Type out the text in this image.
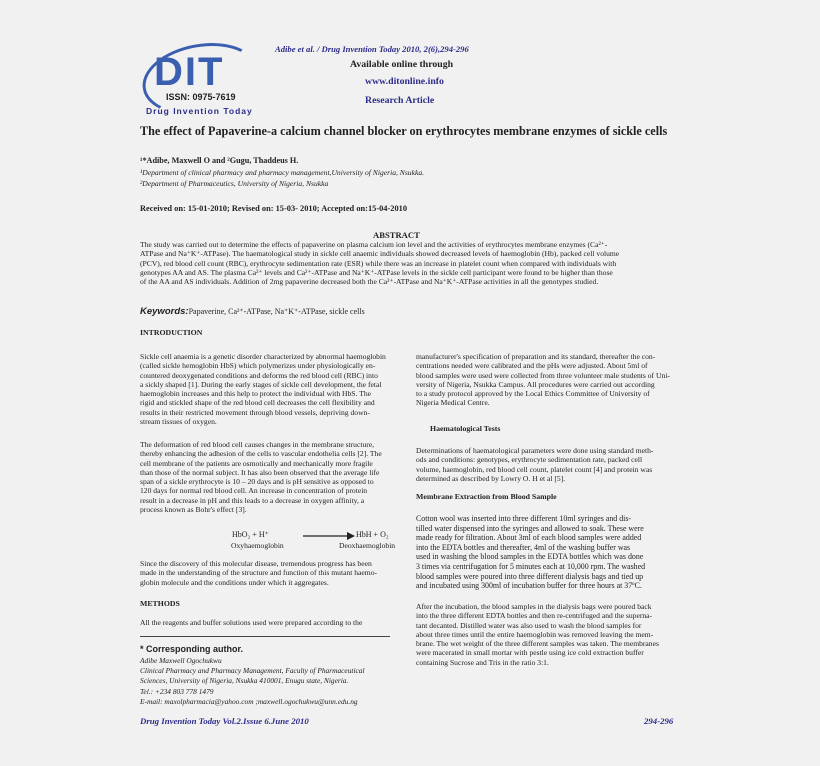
Adibe et al. / Drug Invention Today 2010, 2(6),294-296
Available online through
www.ditonline.info
Research Article
DIT
ISSN: 0975-7619
Drug Invention Today
The effect of Papaverine-a calcium channel blocker on erythrocytes membrane enzymes of sickle cells
¹*Adibe, Maxwell O and ²Gugu, Thaddeus H.
¹Department of clinical pharmacy and pharmacy management,University of Nigeria, Nsukka.
²Department of Pharmaceutics, University of Nigeria, Nsukka
Received on: 15-01-2010; Revised on: 15-03- 2010; Accepted on:15-04-2010
ABSTRACT
The study was carried out to determine the effects of papaverine on plasma calcium ion level and the activities of erythrocytes membrane enzymes (Ca²⁺-
ATPase and Na⁺K⁺-ATPase). The haematological study in sickle cell anaemic individuals showed decreased levels of haemoglobin (Hb), packed cell volume
(PCV), red blood cell count (RBC), erythrocyte sedimentation rate (ESR) while there was an increase in platelet count when compared with individuals with
genotypes AA and AS. The plasma Ca²⁺ levels and Ca²⁺-ATPase and Na⁺K⁺-ATPase levels in the sickle cell participant were found to be higher than those
of the AA and AS individuals. Addition of 2mg papaverine decreased both the Ca²⁺-ATPase and Na⁺K⁺-ATPase activities in all the genotypes studied.
Keywords:Papaverine, Ca²⁺-ATPase, Na⁺K⁺-ATPase, sickle cells
INTRODUCTION
Sickle cell anaemia is a genetic disorder characterized by abnormal haemoglobin
(called sickle hemoglobin HbS) which polymerizes under physiologically en-
countered deoxygenated conditions and deforms the red blood cell (RBC) into
a sickly shaped [1]. During the early stages of sickle cell development, the fetal
haemoglobin increases and this help to protect the individual with HbS. The
rigid and stickled shape of the red blood cell decreases the cell flexibility and
results in their restricted movement through blood vessels, depriving down-
stream tissues of oxygen.
The deformation of red blood cell causes changes in the membrane structure,
thereby enhancing the adhesion of the cells to vascular endothelia cells [2]. The
cell membrane of the patients are osmotically and mechanically more fragile
than those of the normal subject. It has also been observed that the average life
span of a sickle erythrocyte is 10 – 20 days and is pH sensitive as opposed to
120 days for normal red blood cell. An increase in concentration of protein
result in a decrease in pH and this leads to a decrease in oxygen affinity, a
process known as Bohr's effect [3].
HbO₂ + H⁺ → HbH + O₂
Oxyhaemoglobin	Deoxhaemoglobin
Since the discovery of this molecular disease, tremendous progress has been
made in the understanding of the structure and function of this mutant haemo-
globin molecule and the conditions under which it aggregates.
METHODS
All the reagents and buffer solutions used were prepared according to the
* Corresponding author.
Adibe Maxwell Ogochukwu
Clinical Pharmacy and Pharmacy Management, Faculty of Pharmaceutical
Sciences, University of Nigeria, Nsukka 410001, Enugu state, Nigeria.
Tel.: +234 803 778 1479
E-mail: maxolpharmacia@yahoo.com ;maxwell.ogochukwu@unn.edu.ng
manufacturer's specification of preparation and its standard, thereafter the con-
centrations needed were calibrated and the pHs were adjusted. About 5ml of
blood samples were used were collected from three volunteer male students of Uni-
versity of Nigeria, Nsukka Campus. All procedures were carried out according
to a study protocol approved by the Local Ethics Committee of University of
Nigeria Medical Centre.
Haematological Tests
Determinations of haematological parameters were done using standard meth-
ods and conditions: genotypes, erythrocyte sedimentation rate, packed cell
volume, haemoglobin, red blood cell count, platelet count [4] and protein was
determined as described by Lowry O. H et al [5].
Membrane Extraction from Blood Sample
Cotton wool was inserted into three different 10ml syringes and dis-
tilled water dispensed into the syringes and allowed to soak. These were
made ready for filtration. About 3ml of each blood samples were added
into the EDTA bottles and thereafter, 4ml of the washing buffer was
used in washing the blood samples in the EDTA bottles which was done
3 times via centrifugation for 5 minutes each at 10,000 rpm. The washed
blood samples were poured into three different dialysis bags and tied up
and incubated using 300ml of incubation buffer for three hours at 37ºC.
After the incubation, the blood samples in the dialysis bags were poured back
into the three different EDTA bottles and then re-centrifuged and the superna-
tant decanted. Distilled water was also used to wash the blood samples for
about three times until the entire haemoglobin was removed leaving the mem-
brane. The wet weight of the three different samples was taken. The membranes
were macerated in small mortar with pestle using ice cold extraction buffer
containing Sucrose and Tris in the ratio 3:1.
Drug Invention Today Vol.2.Issue 6.June 2010	294-296
